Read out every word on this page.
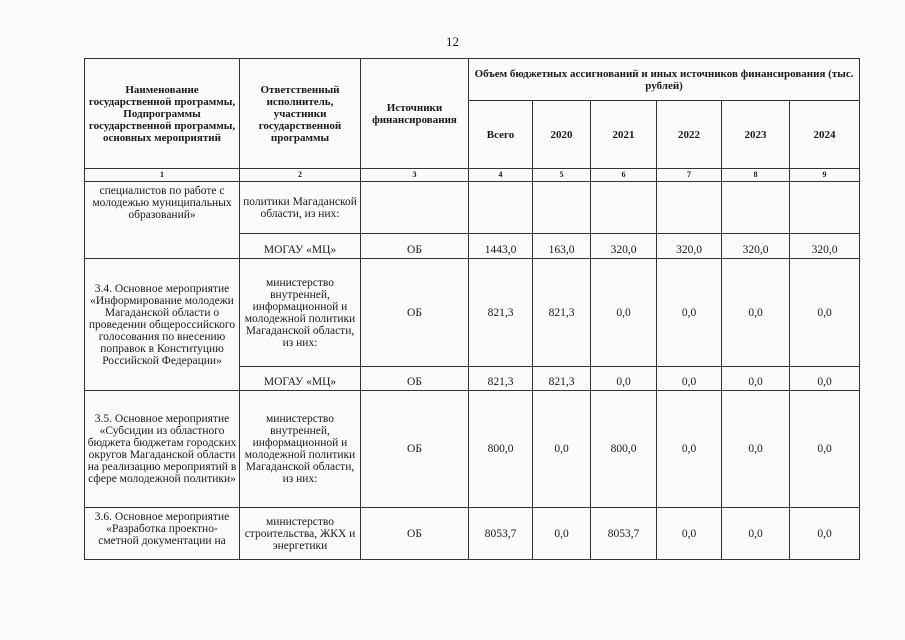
12
Наименование государственной программы, Подпрограммы государственной программы, основных мероприятий	Ответственный исполнитель, участники государственной программы	Источники финансирования	Объем бюджетных ассигнований и иных источников финансирования (тыс. рублей)					
			Всего	2020	2021	2022	2023	2024
1	2	3	4	5	6	7	8	9
специалистов по работе с молодежью муниципальных образований»	политики Магаданской области, из них:							
	МОГАУ «МЦ»	ОБ	1443,0	163,0	320,0	320,0	320,0	320,0
3.4. Основное мероприятие «Информирование молодежи Магаданской области о проведении общероссийского голосования по внесению поправок в Конституцию Российской Федерации»	министерство внутренней, информационной и молодежной политики Магаданской области, из них:	ОБ	821,3	821,3	0,0	0,0	0,0	0,0
	МОГАУ «МЦ»	ОБ	821,3	821,3	0,0	0,0	0,0	0,0
3.5. Основное мероприятие «Субсидии из областного бюджета бюджетам городских округов Магаданской области на реализацию мероприятий в сфере молодежной политики»	министерство внутренней, информационной и молодежной политики Магаданской области, из них:	ОБ	800,0	0,0	800,0	0,0	0,0	0,0
3.6. Основное мероприятие «Разработка проектно-сметной документации на	министерство строительства, ЖКХ и энергетики	ОБ	8053,7	0,0	8053,7	0,0	0,0	0,0
